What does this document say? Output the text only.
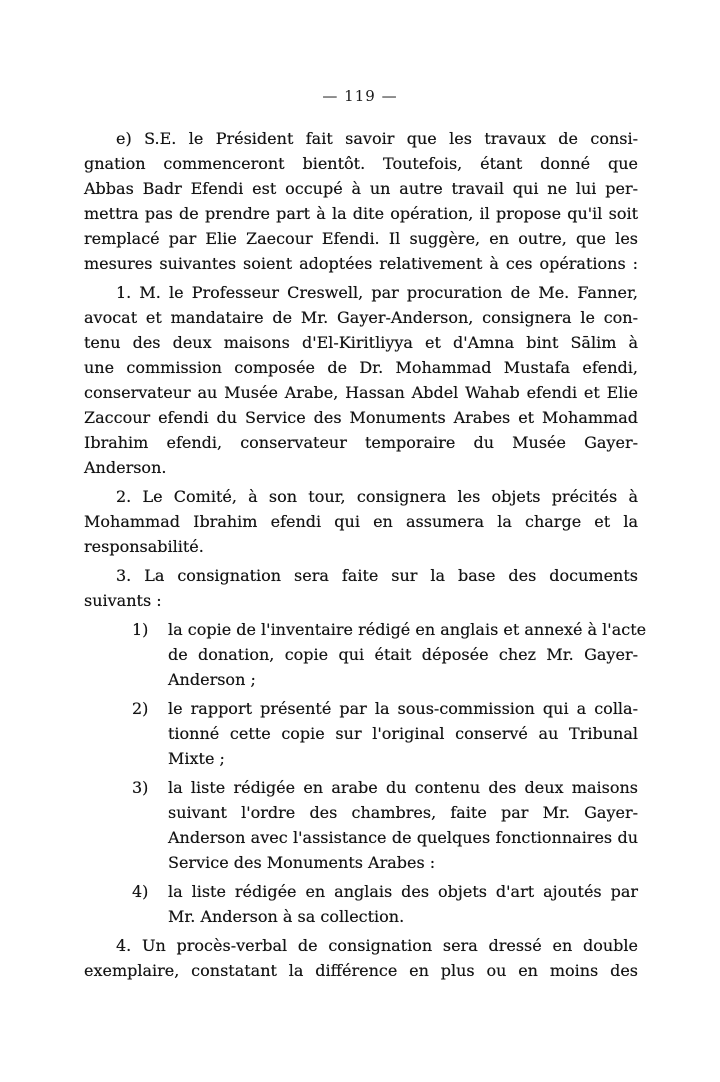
— 119 —
e) S.E. le Président fait savoir que les travaux de consi-
gnation commenceront bientôt. Toutefois, étant donné que
Abbas Badr Efendi est occupé à un autre travail qui ne lui per-
mettra pas de prendre part à la dite opération, il propose qu'il soit
remplacé par Elie Zaecour Efendi. Il suggère, en outre, que les
mesures suivantes soient adoptées relativement à ces opérations :
1. M. le Professeur Creswell, par procuration de Me. Fanner,
avocat et mandataire de Mr. Gayer-Anderson, consignera le con-
tenu des deux maisons d'El-Kiritliyya et d'Amna bint Sālim à
une commission composée de Dr. Mohammad Mustafa efendi,
conservateur au Musée Arabe, Hassan Abdel Wahab efendi et Elie
Zaccour efendi du Service des Monuments Arabes et Mohammad
Ibrahim efendi, conservateur temporaire du Musée Gayer-
Anderson.
2. Le Comité, à son tour, consignera les objets précités à
Mohammad Ibrahim efendi qui en assumera la charge et la
responsabilité.
3. La consignation sera faite sur la base des documents
suivants :
1)	la copie de l'inventaire rédigé en anglais et annexé à l'acte
de donation, copie qui était déposée chez Mr. Gayer-
Anderson ;
2)	le rapport présenté par la sous-commission qui a colla-
tionné cette copie sur l'original conservé au Tribunal
Mixte ;
3)	la liste rédigée en arabe du contenu des deux maisons
suivant l'ordre des chambres, faite par Mr. Gayer-
Anderson avec l'assistance de quelques fonctionnaires du
Service des Monuments Arabes :
4)	la liste rédigée en anglais des objets d'art ajoutés par
Mr. Anderson à sa collection.
4. Un procès-verbal de consignation sera dressé en double
exemplaire, constatant la différence en plus ou en moins des
